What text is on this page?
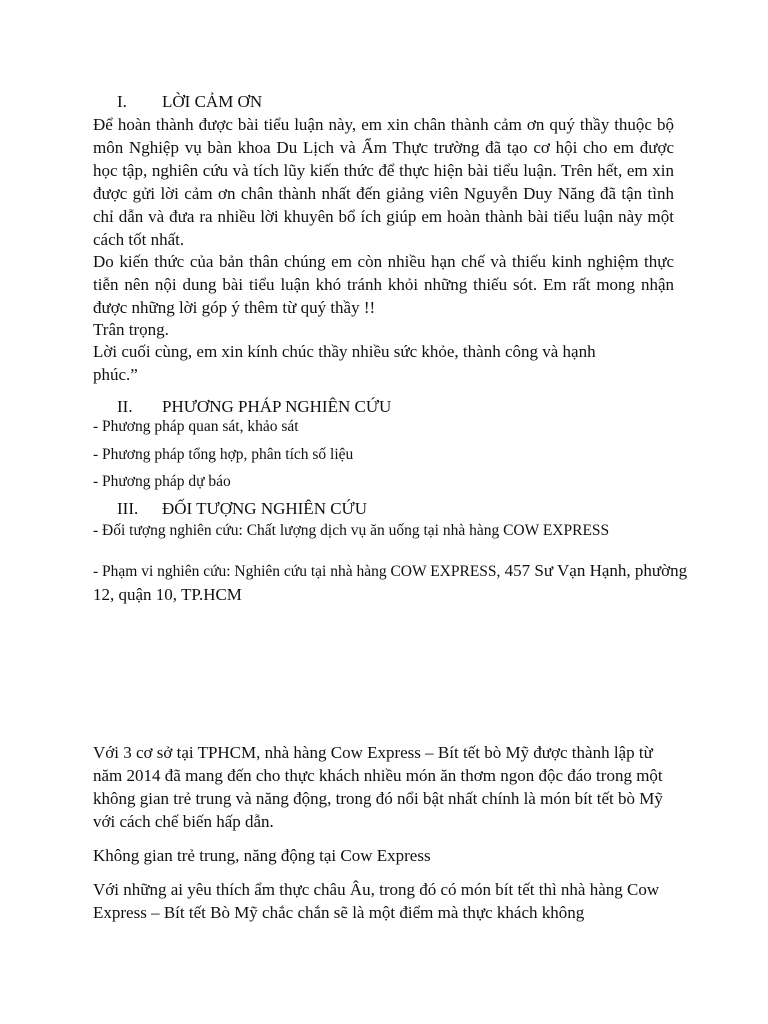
I. LỜI CẢM ƠN

Để hoàn thành được bài tiểu luận này, em xin chân thành cảm ơn quý thầy thuộc bộ môn Nghiệp vụ bàn khoa Du Lịch và Ẩm Thực trường đã tạo cơ hội cho em được học tập, nghiên cứu và tích lũy kiến thức để thực hiện bài tiểu luận. Trên hết, em xin được gửi lời cảm ơn chân thành nhất đến giảng viên Nguyễn Duy Năng đã tận tình chỉ dẫn và đưa ra nhiều lời khuyên bổ ích giúp em hoàn thành bài tiểu luận này một cách tốt nhất.

Do kiến thức của bản thân chúng em còn nhiều hạn chế và thiếu kinh nghiệm thực tiễn nên nội dung bài tiểu luận khó tránh khỏi những thiếu sót. Em rất mong nhận được những lời góp ý thêm từ quý thầy !!

Trân trọng.

Lời cuối cùng, em xin kính chúc thầy nhiều sức khỏe, thành công và hạnh phúc.”

II. PHƯƠNG PHÁP NGHIÊN CỨU

- Phương pháp quan sát, khảo sát

- Phương pháp tổng hợp, phân tích số liệu

- Phương pháp dự báo

III. ĐỐI TƯỢNG NGHIÊN CỨU

- Đối tượng nghiên cứu: Chất lượng dịch vụ ăn uống tại nhà hàng COW EXPRESS

- Phạm vi nghiên cứu: Nghiên cứu tại nhà hàng COW EXPRESS, 457 Sư Vạn Hạnh, phường 12, quận 10, TP.HCM

Với 3 cơ sở tại TPHCM, nhà hàng Cow Express – Bít tết bò Mỹ được thành lập từ năm 2014 đã mang đến cho thực khách nhiều món ăn thơm ngon độc đáo trong một không gian trẻ trung và năng động, trong đó nổi bật nhất chính là món bít tết bò Mỹ với cách chế biến hấp dẫn.

Không gian trẻ trung, năng động tại Cow Express

Với những ai yêu thích ẩm thực châu Âu, trong đó có món bít tết thì nhà hàng Cow Express – Bít tết Bò Mỹ chắc chắn sẽ là một điểm mà thực khách không
